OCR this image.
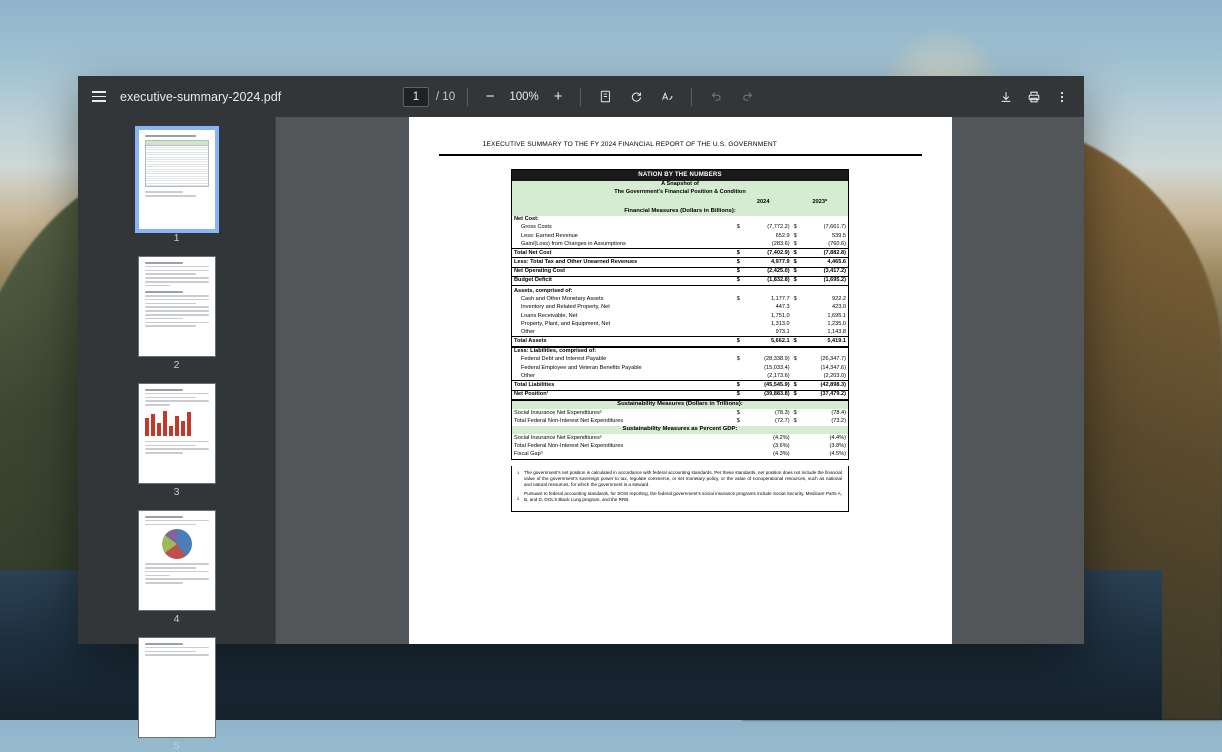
executive-summary-2024.pdf	1	/ 10	−	100% +
1
2
3
4
5
1 EXECUTIVE SUMMARY TO THE FY 2024 FINANCIAL REPORT OF THE U.S. GOVERNMENT
NATION BY THE NUMBERS				
A Snapshot of				
The Government's Financial Position & Condition				
	2024		2023*	
Financial Measures (Dollars in Billions):				
Net Cost:				
Gross Costs	$	(7,772.2)	$	(7,661.7)
Less: Earned Revenue		652.9	$	539.5
Gain/(Loss) from Changes in Assumptions		(283.6)	$	(760.6)
Total Net Cost	$	(7,402.9)	$	(7,882.8)
Less: Total Tax and Other Unearned Revenues	$	4,977.9	$	4,465.6
Net Operating Cost	$	(2,425.0)	$	(3,417.2)
Budget Deficit	$	(1,832.8)	$	(1,695.2)

Assets, comprised of:				
Cash and Other Monetary Assets	$	1,177.7	$	922.2
Inventory and Related Property, Net		447.3		423.0
Loans Receivable, Net		1,751.0		1,695.1
Property, Plant, and Equipment, Net		1,313.0		1,235.0
Other		973.1		1,143.8
Total Assets	$	5,662.1	$	5,419.1
Less: Liabilities, comprised of:				
Federal Debt and Interest Payable	$	(28,338.9)	$	(26,347.7)
Federal Employee and Veteran Benefits Payable		(15,033.4)		(14,347.6)
Other		(2,173.6)		(2,203.0)
Total Liabilities	$	(45,545.9)	$	(42,898.3)
Net Position¹	$	(39,883.8)	$	(37,479.2)
Sustainability Measures (Dollars in Trillions):				
Social Insurance Net Expenditures²	$	(78.3)	$	(78.4)
Total Federal Non-Interest Net Expenditures	$	(72.7)	$	(73.2)
Sustainability Measures as Percent GDP:				
Social Insurance Net Expenditures²		(4.2%)		(4.4%)
Total Federal Non-Interest Net Expenditures		(3.6%)		(3.8%)
Fiscal Gap³		(4.3%)		(4.5%)
1 The government's net position is calculated in accordance with federal accounting standards. Per these standards, net position does not include the financial value of the government's sovereign power to tax, regulate commerce, or set monetary policy, or the value of nonoperational resources, such as national and natural resources, for which the government is a steward.

2

Pursuant to federal accounting standards, for SOSI reporting, the federal government's social insurance programs include Social Security, Medicare Parts A, B, and D, DOL's Black Lung program, and the RRB.
